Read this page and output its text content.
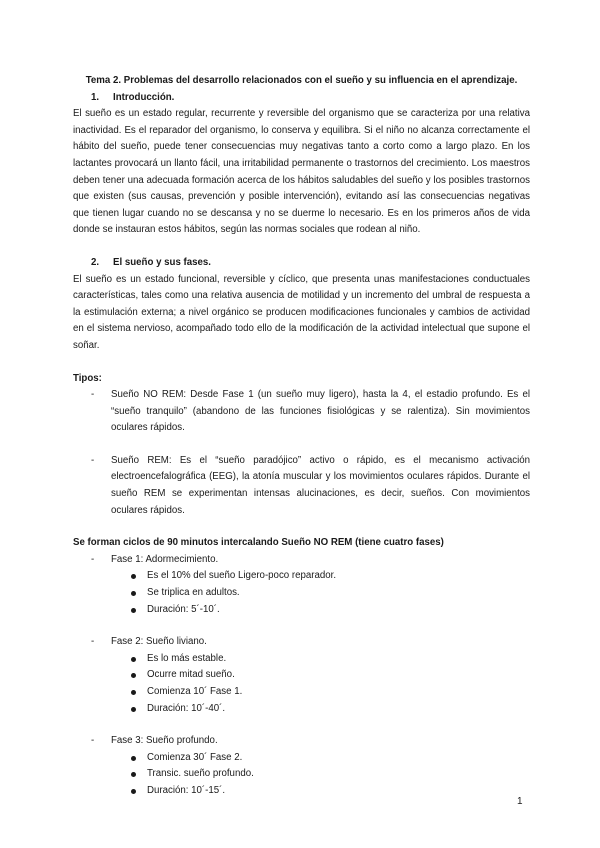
Tema 2. Problemas del desarrollo relacionados con el sueño y su influencia en el aprendizaje.

1. Introducción.

El sueño es un estado regular, recurrente y reversible del organismo que se caracteriza por una relativa inactividad. Es el reparador del organismo, lo conserva y equilibra. Si el niño no alcanza correctamente el hábito del sueño, puede tener consecuencias muy negativas tanto a corto como a largo plazo. En los lactantes provocará un llanto fácil, una irritabilidad permanente o trastornos del crecimiento. Los maestros deben tener una adecuada formación acerca de los hábitos saludables del sueño y los posibles trastornos que existen (sus causas, prevención y posible intervención), evitando así las consecuencias negativas que tienen lugar cuando no se descansa y no se duerme lo necesario. Es en los primeros años de vida donde se instauran estos hábitos, según las normas sociales que rodean al niño.

2. El sueño y sus fases.

El sueño es un estado funcional, reversible y cíclico, que presenta unas manifestaciones conductuales características, tales como una relativa ausencia de motilidad y un incremento del umbral de respuesta a la estimulación externa; a nivel orgánico se producen modificaciones funcionales y cambios de actividad en el sistema nervioso, acompañado todo ello de la modificación de la actividad intelectual que supone el soñar.

Tipos:

- Sueño NO REM: Desde Fase 1 (un sueño muy ligero), hasta la 4, el estadio profundo. Es el “sueño tranquilo” (abandono de las funciones fisiológicas y se ralentiza). Sin movimientos oculares rápidos.

- Sueño REM: Es el “sueño paradójico” activo o rápido, es el mecanismo activación electroencefalográfica (EEG), la atonía muscular y los movimientos oculares rápidos. Durante el sueño REM se experimentan intensas alucinaciones, es decir, sueños. Con movimientos oculares rápidos.

Se forman ciclos de 90 minutos intercalando Sueño NO REM (tiene cuatro fases)

- Fase 1: Adormecimiento.

Es el 10% del sueño Ligero-poco reparador.
Se triplica en adultos.
Duración: 5´-10´.

- Fase 2: Sueño liviano.

Es lo más estable.
Ocurre mitad sueño.
Comienza 10´ Fase 1.
Duración: 10´-40´.

- Fase 3: Sueño profundo.

Comienza 30´ Fase 2.
Transic. sueño profundo.
Duración: 10´-15´.
1
